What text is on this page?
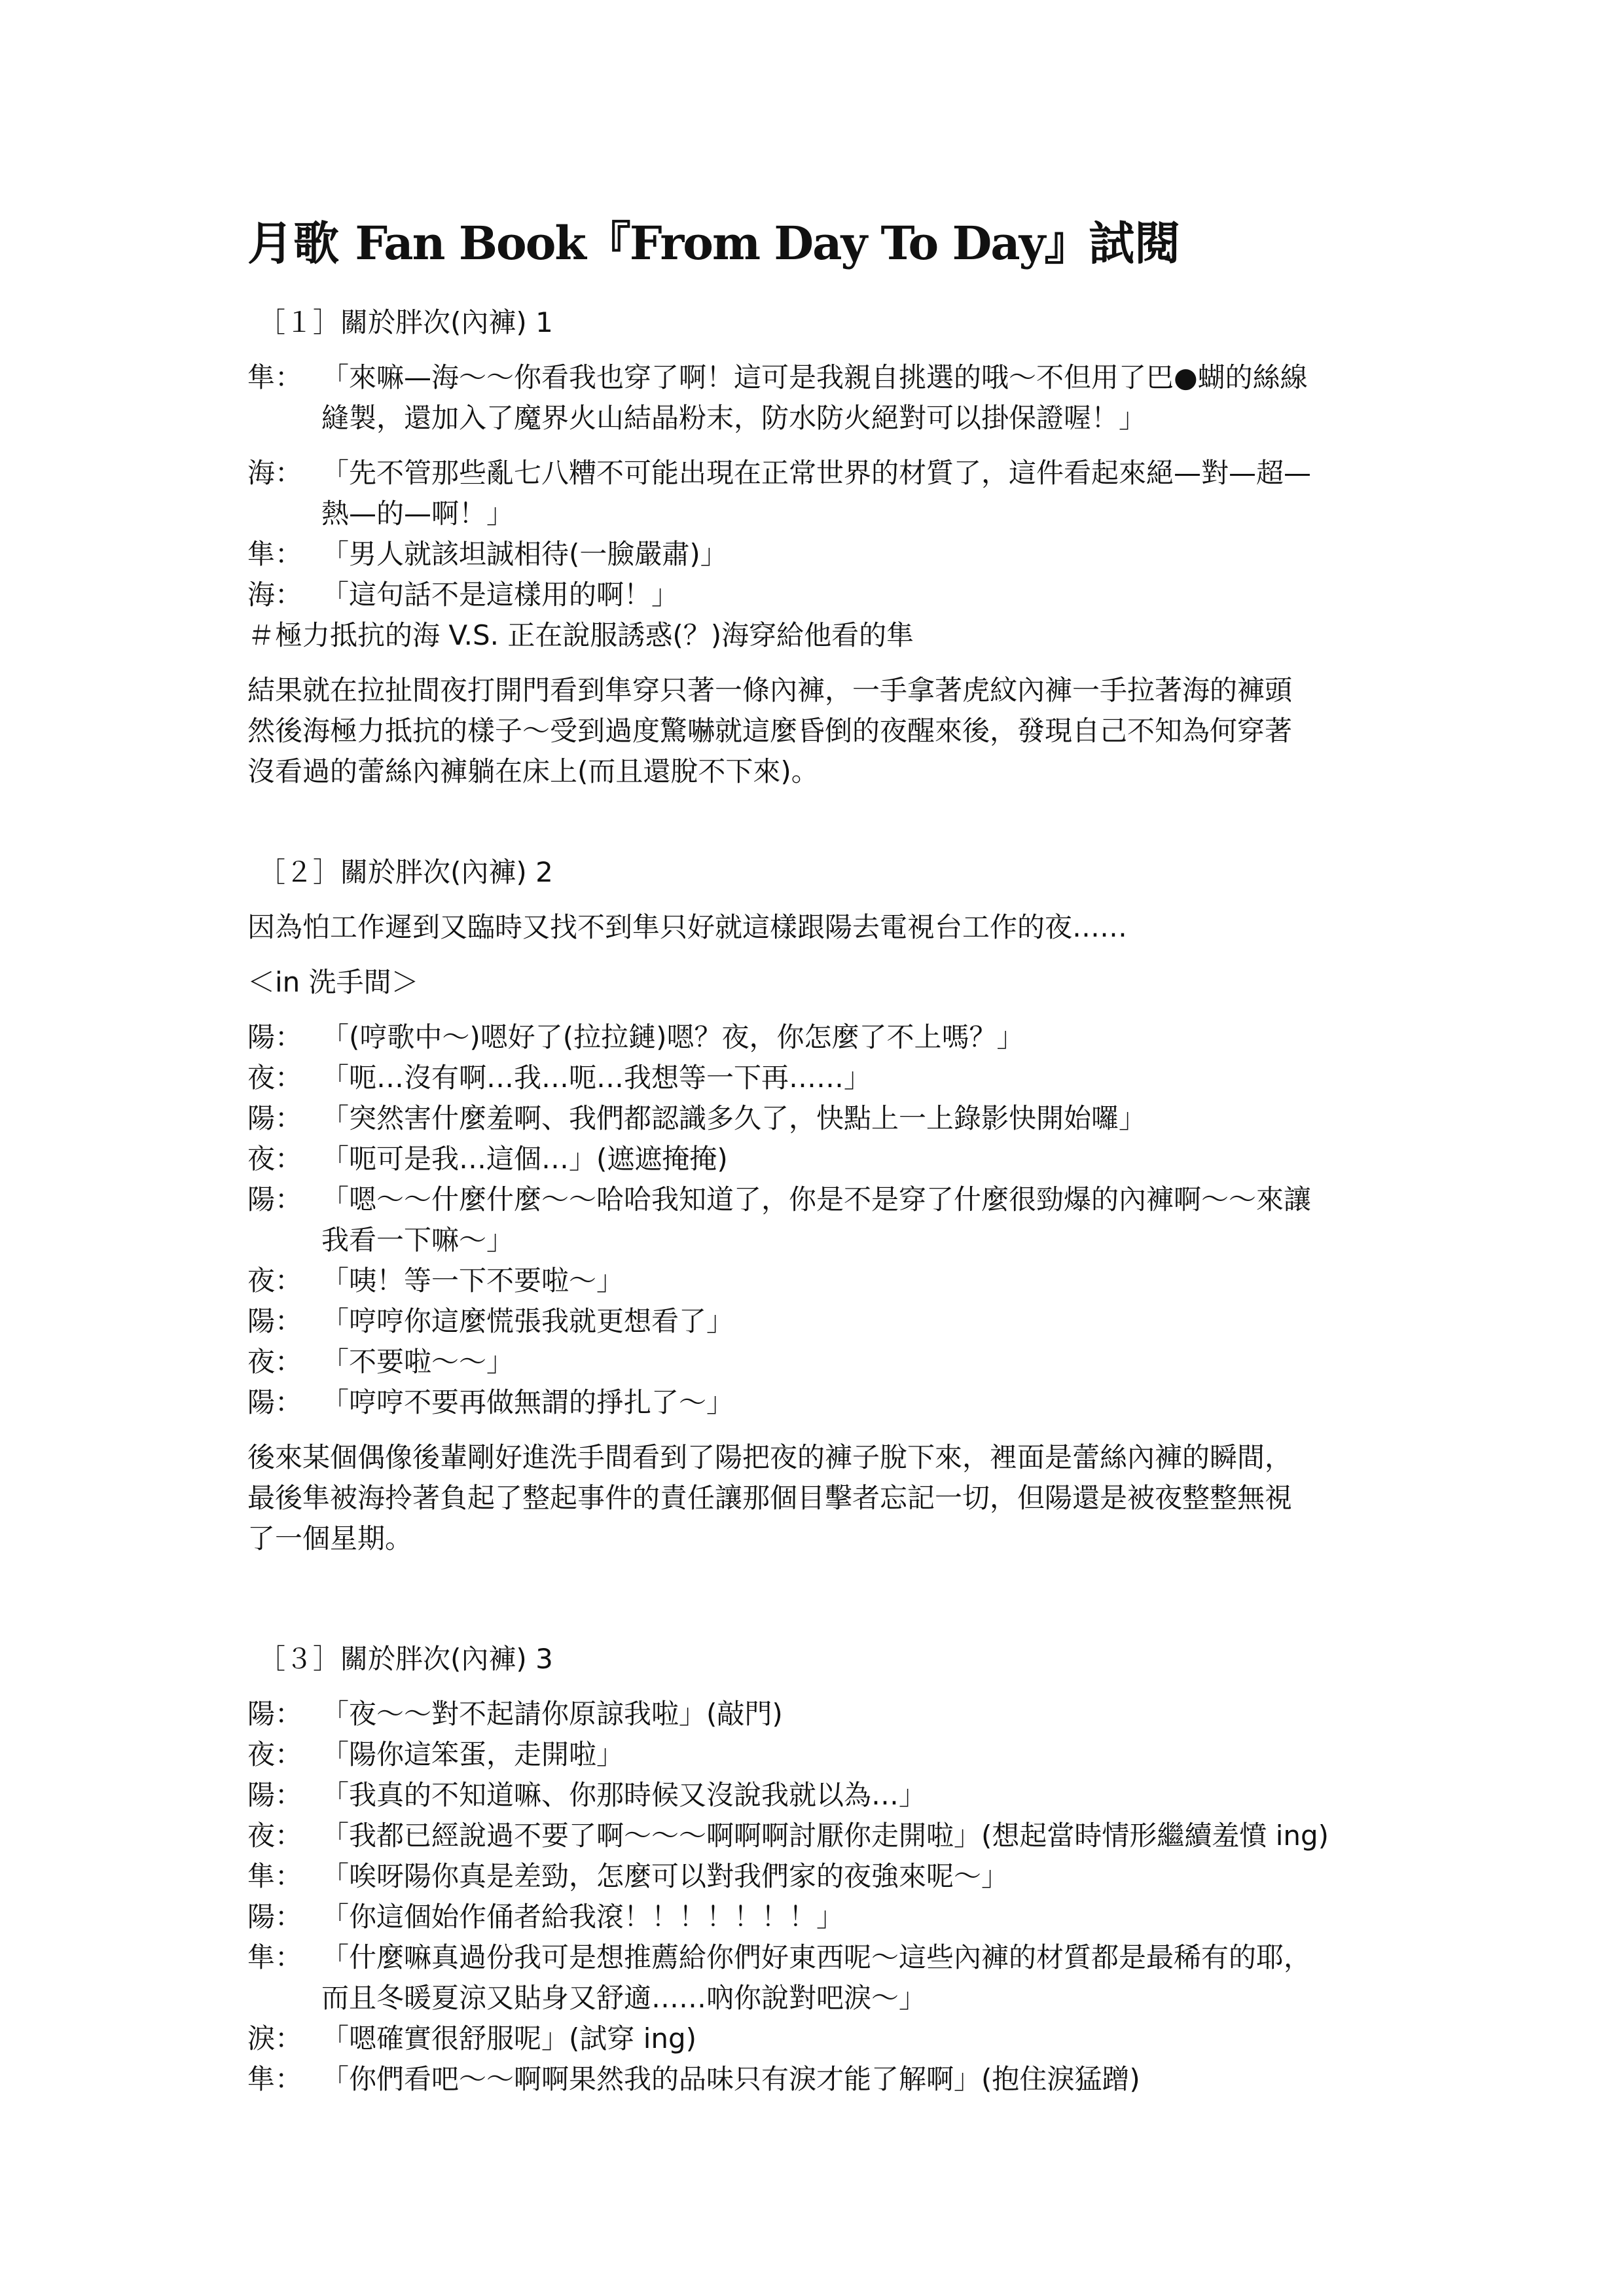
月歌 Fan Book『From Day To Day』試閱
［１］關於胖次(內褲) 1
隼： 「來嘛—海～～你看我也穿了啊！這可是我親自挑選的哦～不但用了巴●蝴的絲線
縫製，還加入了魔界火山結晶粉末，防水防火絕對可以掛保證喔！」
海： 「先不管那些亂七八糟不可能出現在正常世界的材質了，這件看起來絕—對—超—
熱—的—啊！」
隼： 「男人就該坦誠相待(一臉嚴肅)」
海： 「這句話不是這樣用的啊！」
＃極力抵抗的海 V.S. 正在說服誘惑(？)海穿給他看的隼
結果就在拉扯間夜打開門看到隼穿只著一條內褲，一手拿著虎紋內褲一手拉著海的褲頭
然後海極力抵抗的樣子～受到過度驚嚇就這麼昏倒的夜醒來後，發現自己不知為何穿著
沒看過的蕾絲內褲躺在床上(而且還脫不下來)。
［２］關於胖次(內褲) 2
因為怕工作遲到又臨時又找不到隼只好就這樣跟陽去電視台工作的夜……
＜in 洗手間＞
陽： 「(哼歌中～)嗯好了(拉拉鏈)嗯？夜，你怎麼了不上嗎？」
夜： 「呃…沒有啊…我…呃…我想等一下再……」
陽： 「突然害什麼羞啊、我們都認識多久了，快點上一上錄影快開始囉」
夜： 「呃可是我…這個…」(遮遮掩掩)
陽： 「嗯～～什麼什麼～～哈哈我知道了，你是不是穿了什麼很勁爆的內褲啊～～來讓
我看一下嘛～」
夜： 「咦！等一下不要啦～」
陽： 「哼哼你這麼慌張我就更想看了」
夜： 「不要啦～～」
陽： 「哼哼不要再做無謂的掙扎了～」
後來某個偶像後輩剛好進洗手間看到了陽把夜的褲子脫下來，裡面是蕾絲內褲的瞬間，
最後隼被海拎著負起了整起事件的責任讓那個目擊者忘記一切，但陽還是被夜整整無視
了一個星期。
［３］關於胖次(內褲) 3
陽： 「夜～～對不起請你原諒我啦」(敲門)
夜： 「陽你這笨蛋，走開啦」
陽： 「我真的不知道嘛、你那時候又沒說我就以為…」
夜： 「我都已經說過不要了啊～～～啊啊啊討厭你走開啦」(想起當時情形繼續羞憤 ing)
隼： 「唉呀陽你真是差勁，怎麼可以對我們家的夜強來呢～」
陽： 「你這個始作俑者給我滾！！！！！！！」
隼： 「什麼嘛真過份我可是想推薦給你們好東西呢～這些內褲的材質都是最稀有的耶，
而且冬暖夏涼又貼身又舒適……吶你說對吧淚～」
淚： 「嗯確實很舒服呢」(試穿 ing)
隼： 「你們看吧～～啊啊果然我的品味只有淚才能了解啊」(抱住淚猛蹭)
